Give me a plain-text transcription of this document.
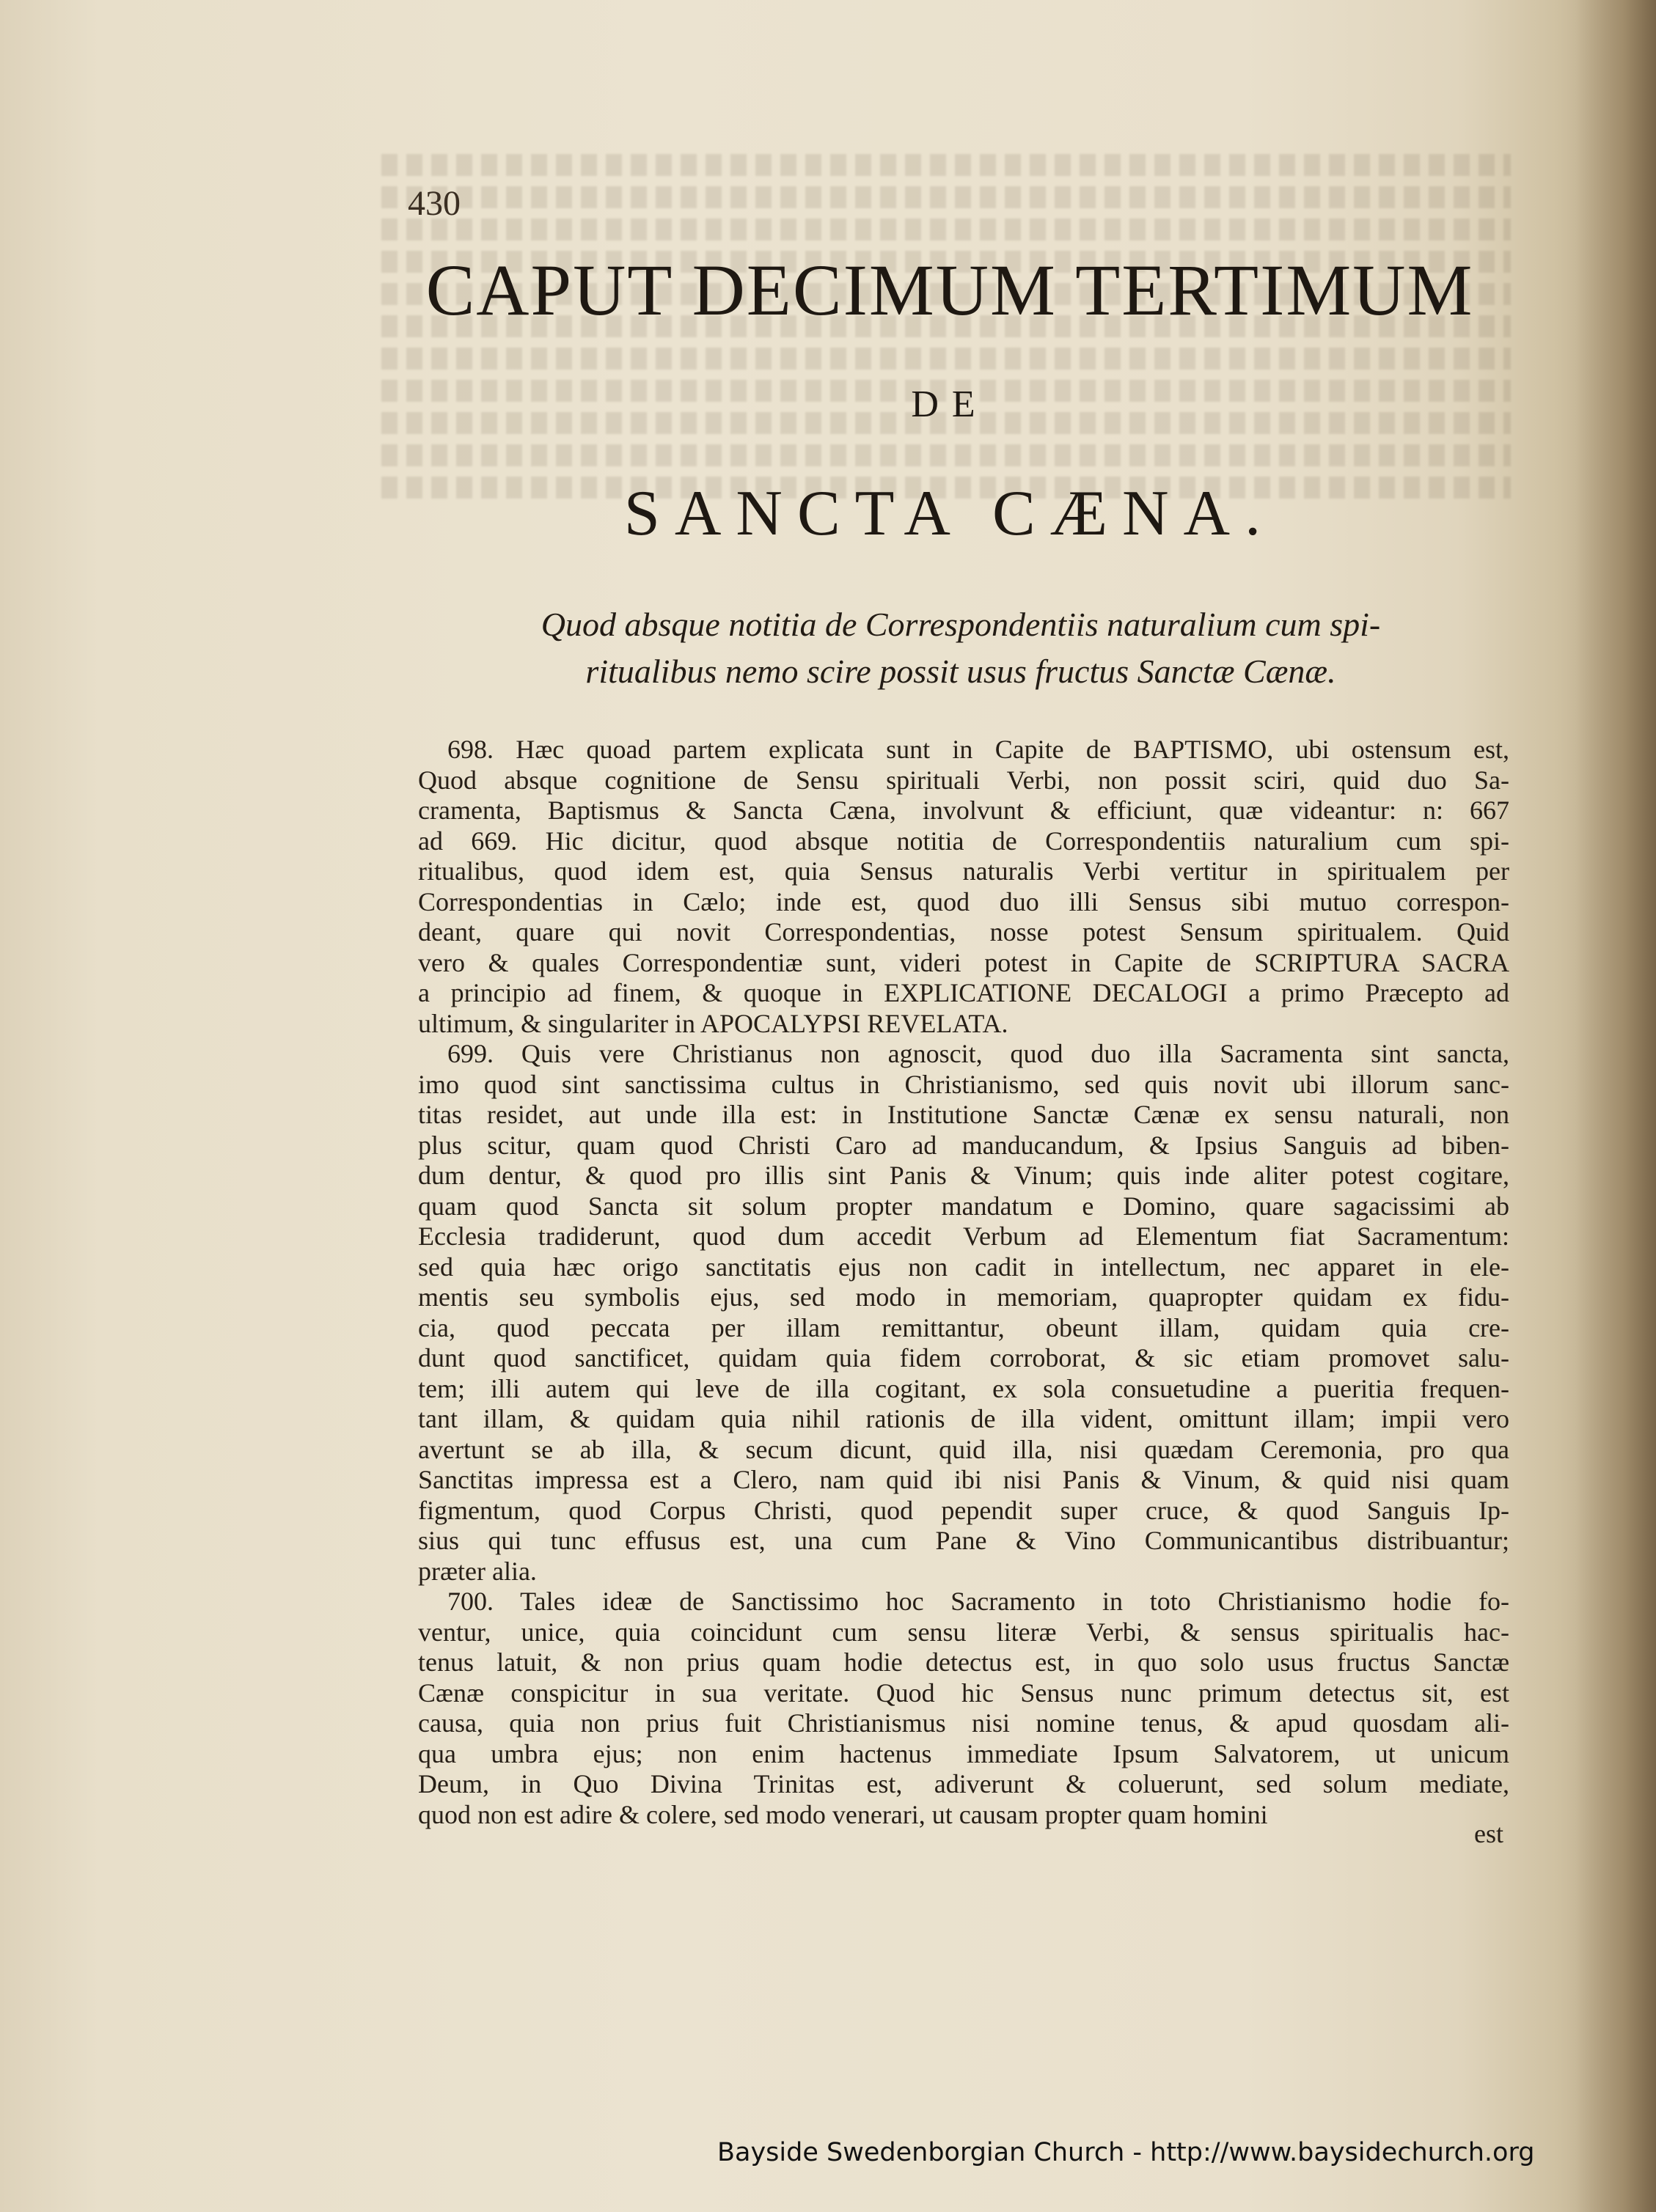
430
CAPUT DECIMUM TERTIMUM
DE
SANCTA CÆNA.
Quod absque notitia de Correspondentiis naturalium cum spi-
ritualibus nemo scire possit usus fructus Sanctæ Cænæ.
698. Hæc quoad partem explicata sunt in Capite de BAPTISMO, ubi ostensum est,
Quod absque cognitione de Sensu spirituali Verbi, non possit sciri, quid duo Sa-
cramenta, Baptismus & Sancta Cæna, involvunt & efficiunt, quæ videantur: n: 667
ad 669. Hic dicitur, quod absque notitia de Correspondentiis naturalium cum spi-
ritualibus, quod idem est, quia Sensus naturalis Verbi vertitur in spiritualem per
Correspondentias in Cælo; inde est, quod duo illi Sensus sibi mutuo correspon-
deant, quare qui novit Correspondentias, nosse potest Sensum spiritualem. Quid
vero & quales Correspondentiæ sunt, videri potest in Capite de SCRIPTURA SACRA
a principio ad finem, & quoque in EXPLICATIONE DECALOGI a primo Præcepto ad
ultimum, & singulariter in APOCALYPSI REVELATA.
699. Quis vere Christianus non agnoscit, quod duo illa Sacramenta sint sancta,
imo quod sint sanctissima cultus in Christianismo, sed quis novit ubi illorum sanc-
titas residet, aut unde illa est: in Institutione Sanctæ Cænæ ex sensu naturali, non
plus scitur, quam quod Christi Caro ad manducandum, & Ipsius Sanguis ad biben-
dum dentur, & quod pro illis sint Panis & Vinum; quis inde aliter potest cogitare,
quam quod Sancta sit solum propter mandatum e Domino, quare sagacissimi ab
Ecclesia tradiderunt, quod dum accedit Verbum ad Elementum fiat Sacramentum:
sed quia hæc origo sanctitatis ejus non cadit in intellectum, nec apparet in ele-
mentis seu symbolis ejus, sed modo in memoriam, quapropter quidam ex fidu-
cia, quod peccata per illam remittantur, obeunt illam, quidam quia cre-
dunt quod sanctificet, quidam quia fidem corroborat, & sic etiam promovet salu-
tem; illi autem qui leve de illa cogitant, ex sola consuetudine a pueritia frequen-
tant illam, & quidam quia nihil rationis de illa vident, omittunt illam; impii vero
avertunt se ab illa, & secum dicunt, quid illa, nisi quædam Ceremonia, pro qua
Sanctitas impressa est a Clero, nam quid ibi nisi Panis & Vinum, & quid nisi quam
figmentum, quod Corpus Christi, quod pependit super cruce, & quod Sanguis Ip-
sius qui tunc effusus est, una cum Pane & Vino Communicantibus distribuantur;
præter alia.
700. Tales ideæ de Sanctissimo hoc Sacramento in toto Christianismo hodie fo-
ventur, unice, quia coincidunt cum sensu literæ Verbi, & sensus spiritualis hac-
tenus latuit, & non prius quam hodie detectus est, in quo solo usus fructus Sanctæ
Cænæ conspicitur in sua veritate. Quod hic Sensus nunc primum detectus sit, est
causa, quia non prius fuit Christianismus nisi nomine tenus, & apud quosdam ali-
qua umbra ejus; non enim hactenus immediate Ipsum Salvatorem, ut unicum
Deum, in Quo Divina Trinitas est, adiverunt & coluerunt, sed solum mediate,
quod non est adire & colere, sed modo venerari, ut causam propter quam homini
est
Bayside Swedenborgian Church - http://www.baysidechurch.org
